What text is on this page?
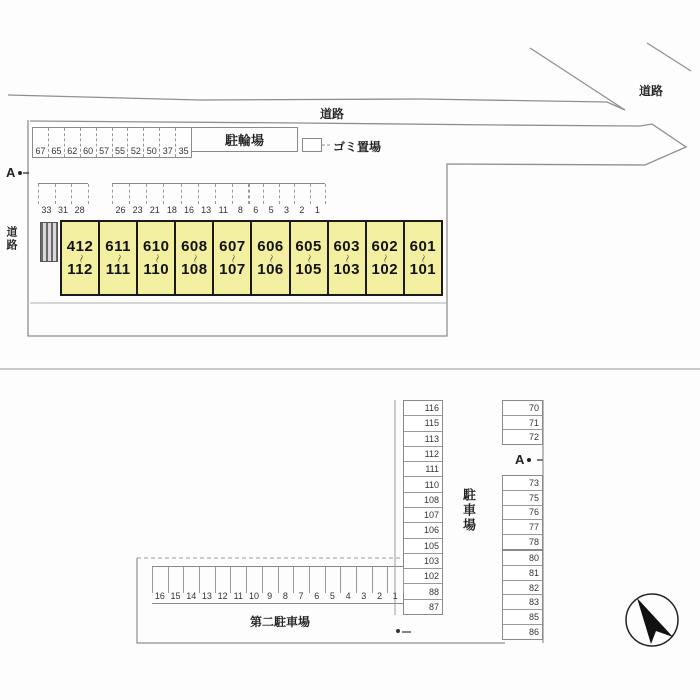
道路
道路
道路
A
67 65 62 60 57 55 52 50 37 35
駐輪場	ゴミ置場
33 31 28	26 23 21 18 16 13 11 8 6 5 3 2 1
412
〜
112
611
〜
111
610
〜
110
608
〜
108
607
〜
107
606
〜
106
605
〜
105
603
〜
103
602
〜
102
601
〜
101
116
115
113
112
111
110
108
107
106
105
103
102
88
87
70
71
72
73
75
76
77
78
80
81
82
83
85
86
A
駐車場
16 15 14 13 12 11 10 9 8 7 6 5 4 3 2 1
第二駐車場
